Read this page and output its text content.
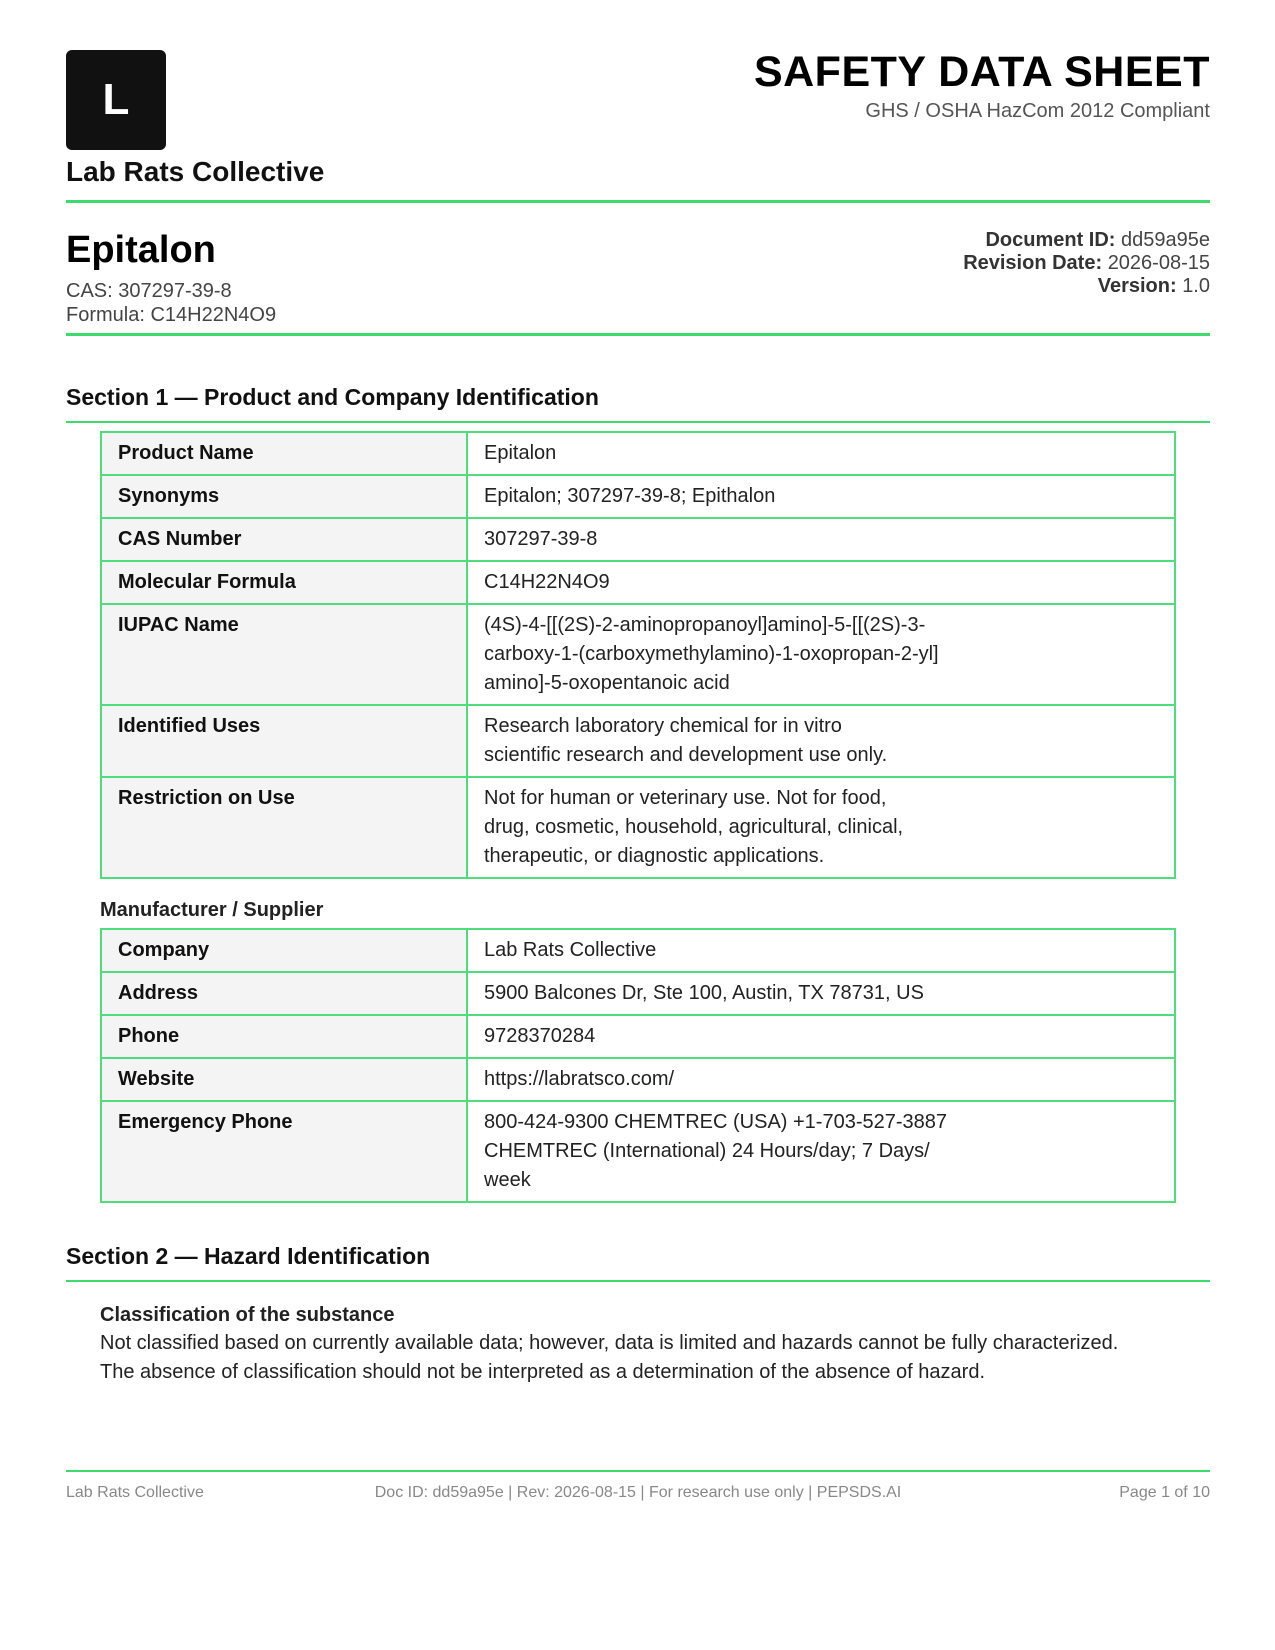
L
Lab Rats Collective
SAFETY DATA SHEET
GHS / OSHA HazCom 2012 Compliant
Epitalon
CAS: 307297-39-8
Formula: C14H22N4O9
Document ID: dd59a95e
Revision Date: 2026-08-15
Version: 1.0
Section 1 — Product and Company Identification
Product Name	Epitalon
Synonyms	Epitalon; 307297-39-8; Epithalon
CAS Number	307297-39-8
Molecular Formula	C14H22N4O9
IUPAC Name	(4S)-4-[[(2S)-2-aminopropanoyl]amino]-5-[[(2S)-3-
carboxy-1-(carboxymethylamino)-1-oxopropan-2-yl]
amino]-5-oxopentanoic acid
Identified Uses	Research laboratory chemical for in vitro
scientific research and development use only.
Restriction on Use	Not for human or veterinary use. Not for food,
drug, cosmetic, household, agricultural, clinical,
therapeutic, or diagnostic applications.
Manufacturer / Supplier
Company	Lab Rats Collective
Address	5900 Balcones Dr, Ste 100, Austin, TX 78731, US
Phone	9728370284
Website	https://labratsco.com/
Emergency Phone	800-424-9300 CHEMTREC (USA) +1-703-527-3887
CHEMTREC (International) 24 Hours/day; 7 Days/
week
Section 2 — Hazard Identification
Classification of the substance
Not classified based on currently available data; however, data is limited and hazards cannot be fully characterized.
The absence of classification should not be interpreted as a determination of the absence of hazard.
Lab Rats Collective	Doc ID: dd59a95e | Rev: 2026-08-15 | For research use only | PEPSDS.AI	Page 1 of 10
